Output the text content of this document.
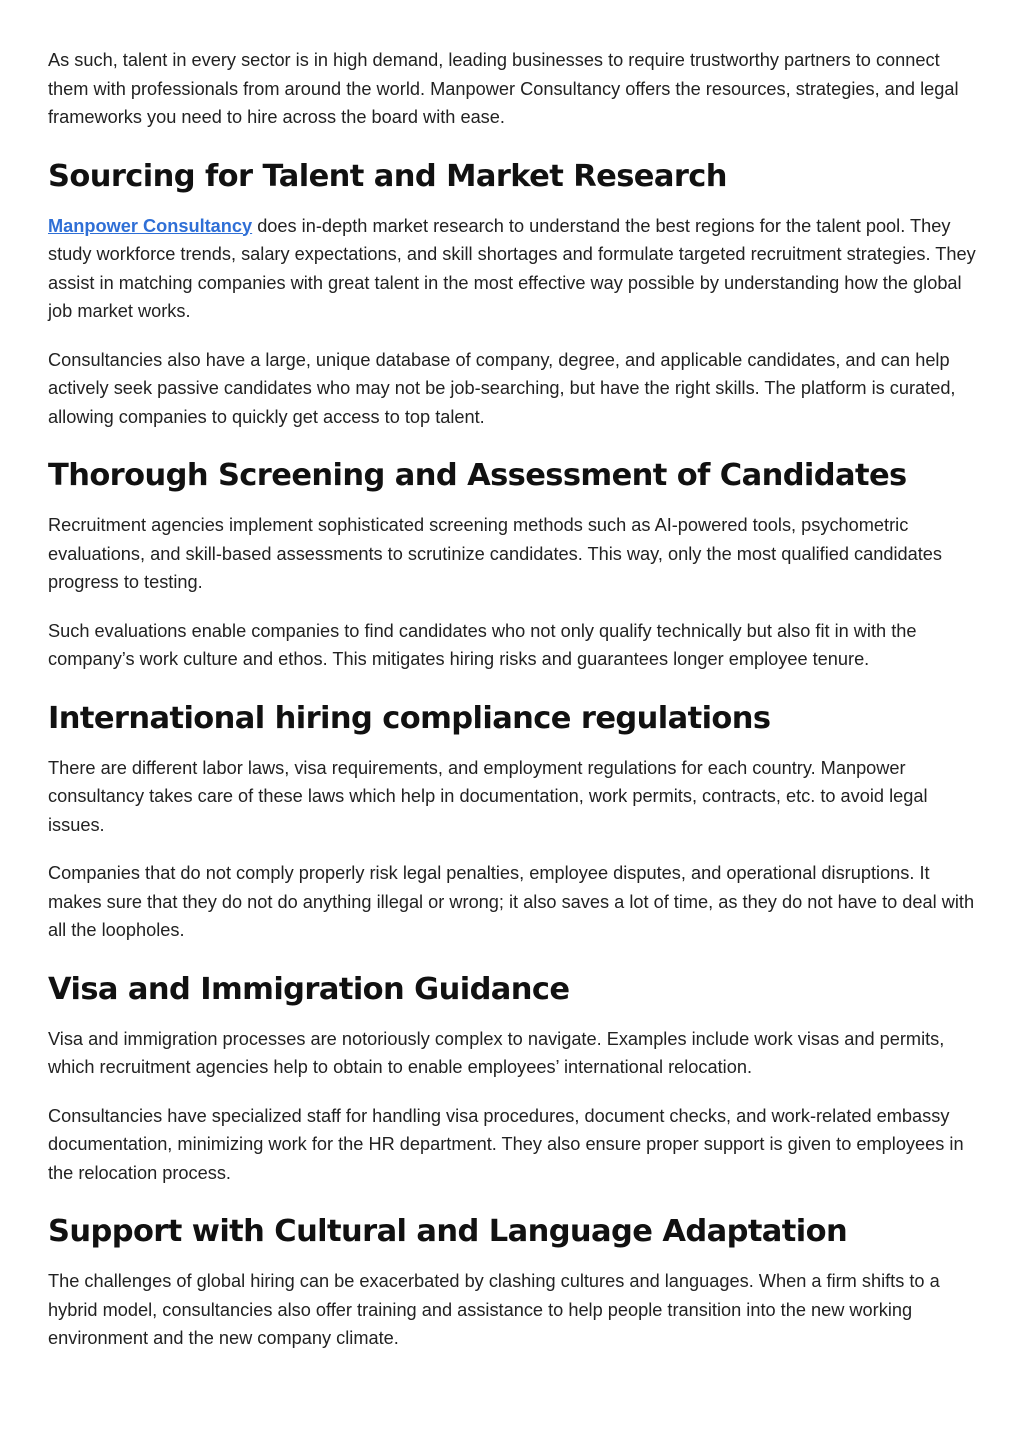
As such, talent in every sector is in high demand, leading businesses to require trustworthy partners to connect them with professionals from around the world. Manpower Consultancy offers the resources, strategies, and legal frameworks you need to hire across the board with ease.

Sourcing for Talent and Market Research

Manpower Consultancy does in-depth market research to understand the best regions for the talent pool. They study workforce trends, salary expectations, and skill shortages and formulate targeted recruitment strategies. They assist in matching companies with great talent in the most effective way possible by understanding how the global job market works.

Consultancies also have a large, unique database of company, degree, and applicable candidates, and can help actively seek passive candidates who may not be job-searching, but have the right skills. The platform is curated, allowing companies to quickly get access to top talent.

Thorough Screening and Assessment of Candidates

Recruitment agencies implement sophisticated screening methods such as AI-powered tools, psychometric evaluations, and skill-based assessments to scrutinize candidates. This way, only the most qualified candidates progress to testing.

Such evaluations enable companies to find candidates who not only qualify technically but also fit in with the company’s work culture and ethos. This mitigates hiring risks and guarantees longer employee tenure.

International hiring compliance regulations

There are different labor laws, visa requirements, and employment regulations for each country. Manpower consultancy takes care of these laws which help in documentation, work permits, contracts, etc. to avoid legal issues.

Companies that do not comply properly risk legal penalties, employee disputes, and operational disruptions. It makes sure that they do not do anything illegal or wrong; it also saves a lot of time, as they do not have to deal with all the loopholes.

Visa and Immigration Guidance

Visa and immigration processes are notoriously complex to navigate. Examples include work visas and permits, which recruitment agencies help to obtain to enable employees’ international relocation.

Consultancies have specialized staff for handling visa procedures, document checks, and work-related embassy documentation, minimizing work for the HR department. They also ensure proper support is given to employees in the relocation process.

Support with Cultural and Language Adaptation

The challenges of global hiring can be exacerbated by clashing cultures and languages. When a firm shifts to a hybrid model, consultancies also offer training and assistance to help people transition into the new working environment and the new company climate.
